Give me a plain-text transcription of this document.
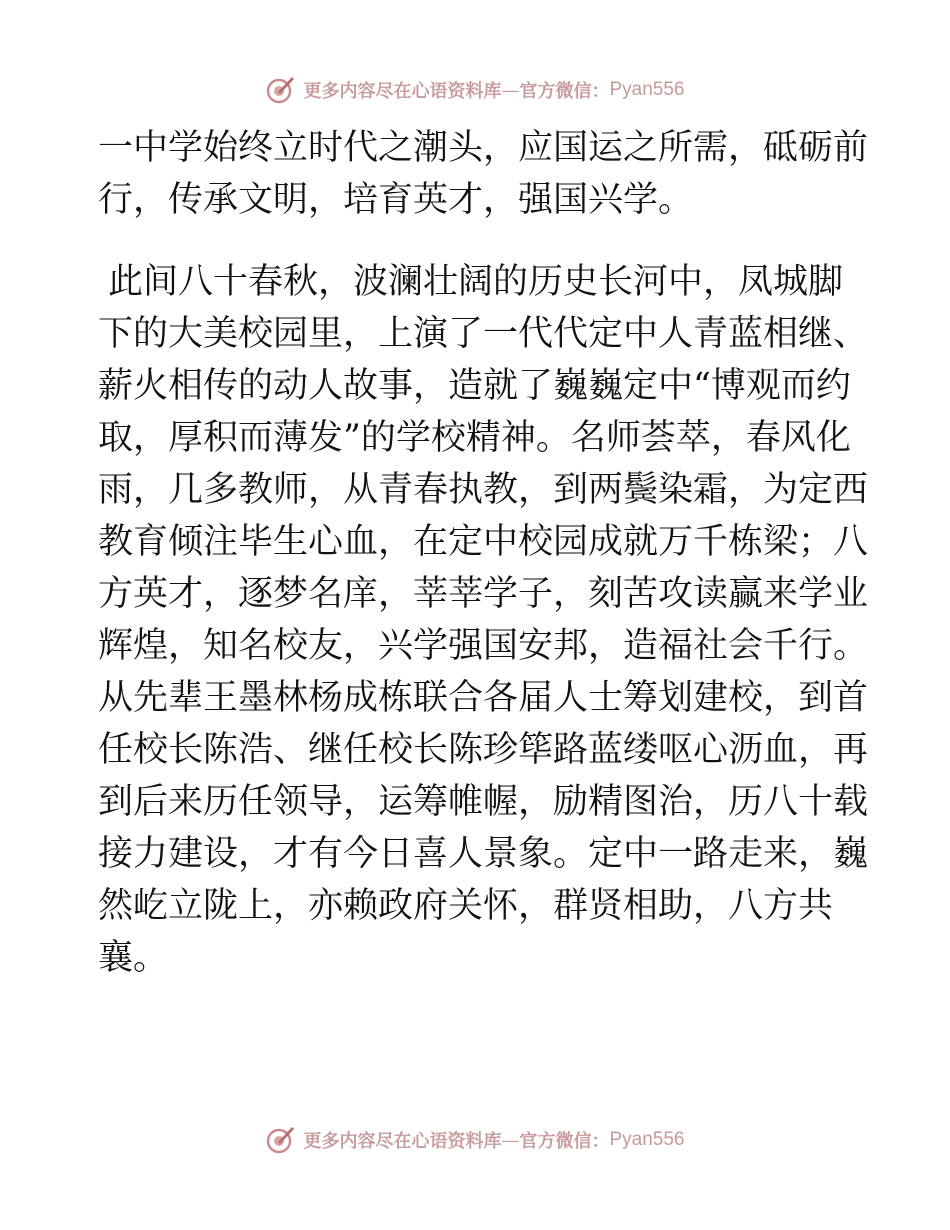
更多内容尽在心语资料库 — 官方微信： Pyan556
一中学始终立时代之潮头，应国运之所需，砥砺前
行，传承文明，培育英才，强国兴学。
此间八十春秋，波澜壮阔的历史长河中，凤城脚
下的大美校园里，上演了一代代定中人青蓝相继、
薪火相传的动人故事，造就了巍巍定中“博观而约
取，厚积而薄发”的学校精神。名师荟萃，春风化
雨，几多教师，从青春执教，到两鬓染霜，为定西
教育倾注毕生心血，在定中校园成就万千栋梁；八
方英才，逐梦名庠，莘莘学子，刻苦攻读赢来学业
辉煌，知名校友，兴学强国安邦，造福社会千行。
从先辈王墨林杨成栋联合各届人士筹划建校，到首
任校长陈浩、继任校长陈珍筚路蓝缕呕心沥血，再
到后来历任领导，运筹帷幄，励精图治，历八十载
接力建设，才有今日喜人景象。定中一路走来，巍
然屹立陇上，亦赖政府关怀，群贤相助，八方共
襄。
更多内容尽在心语资料库 — 官方微信： Pyan556
